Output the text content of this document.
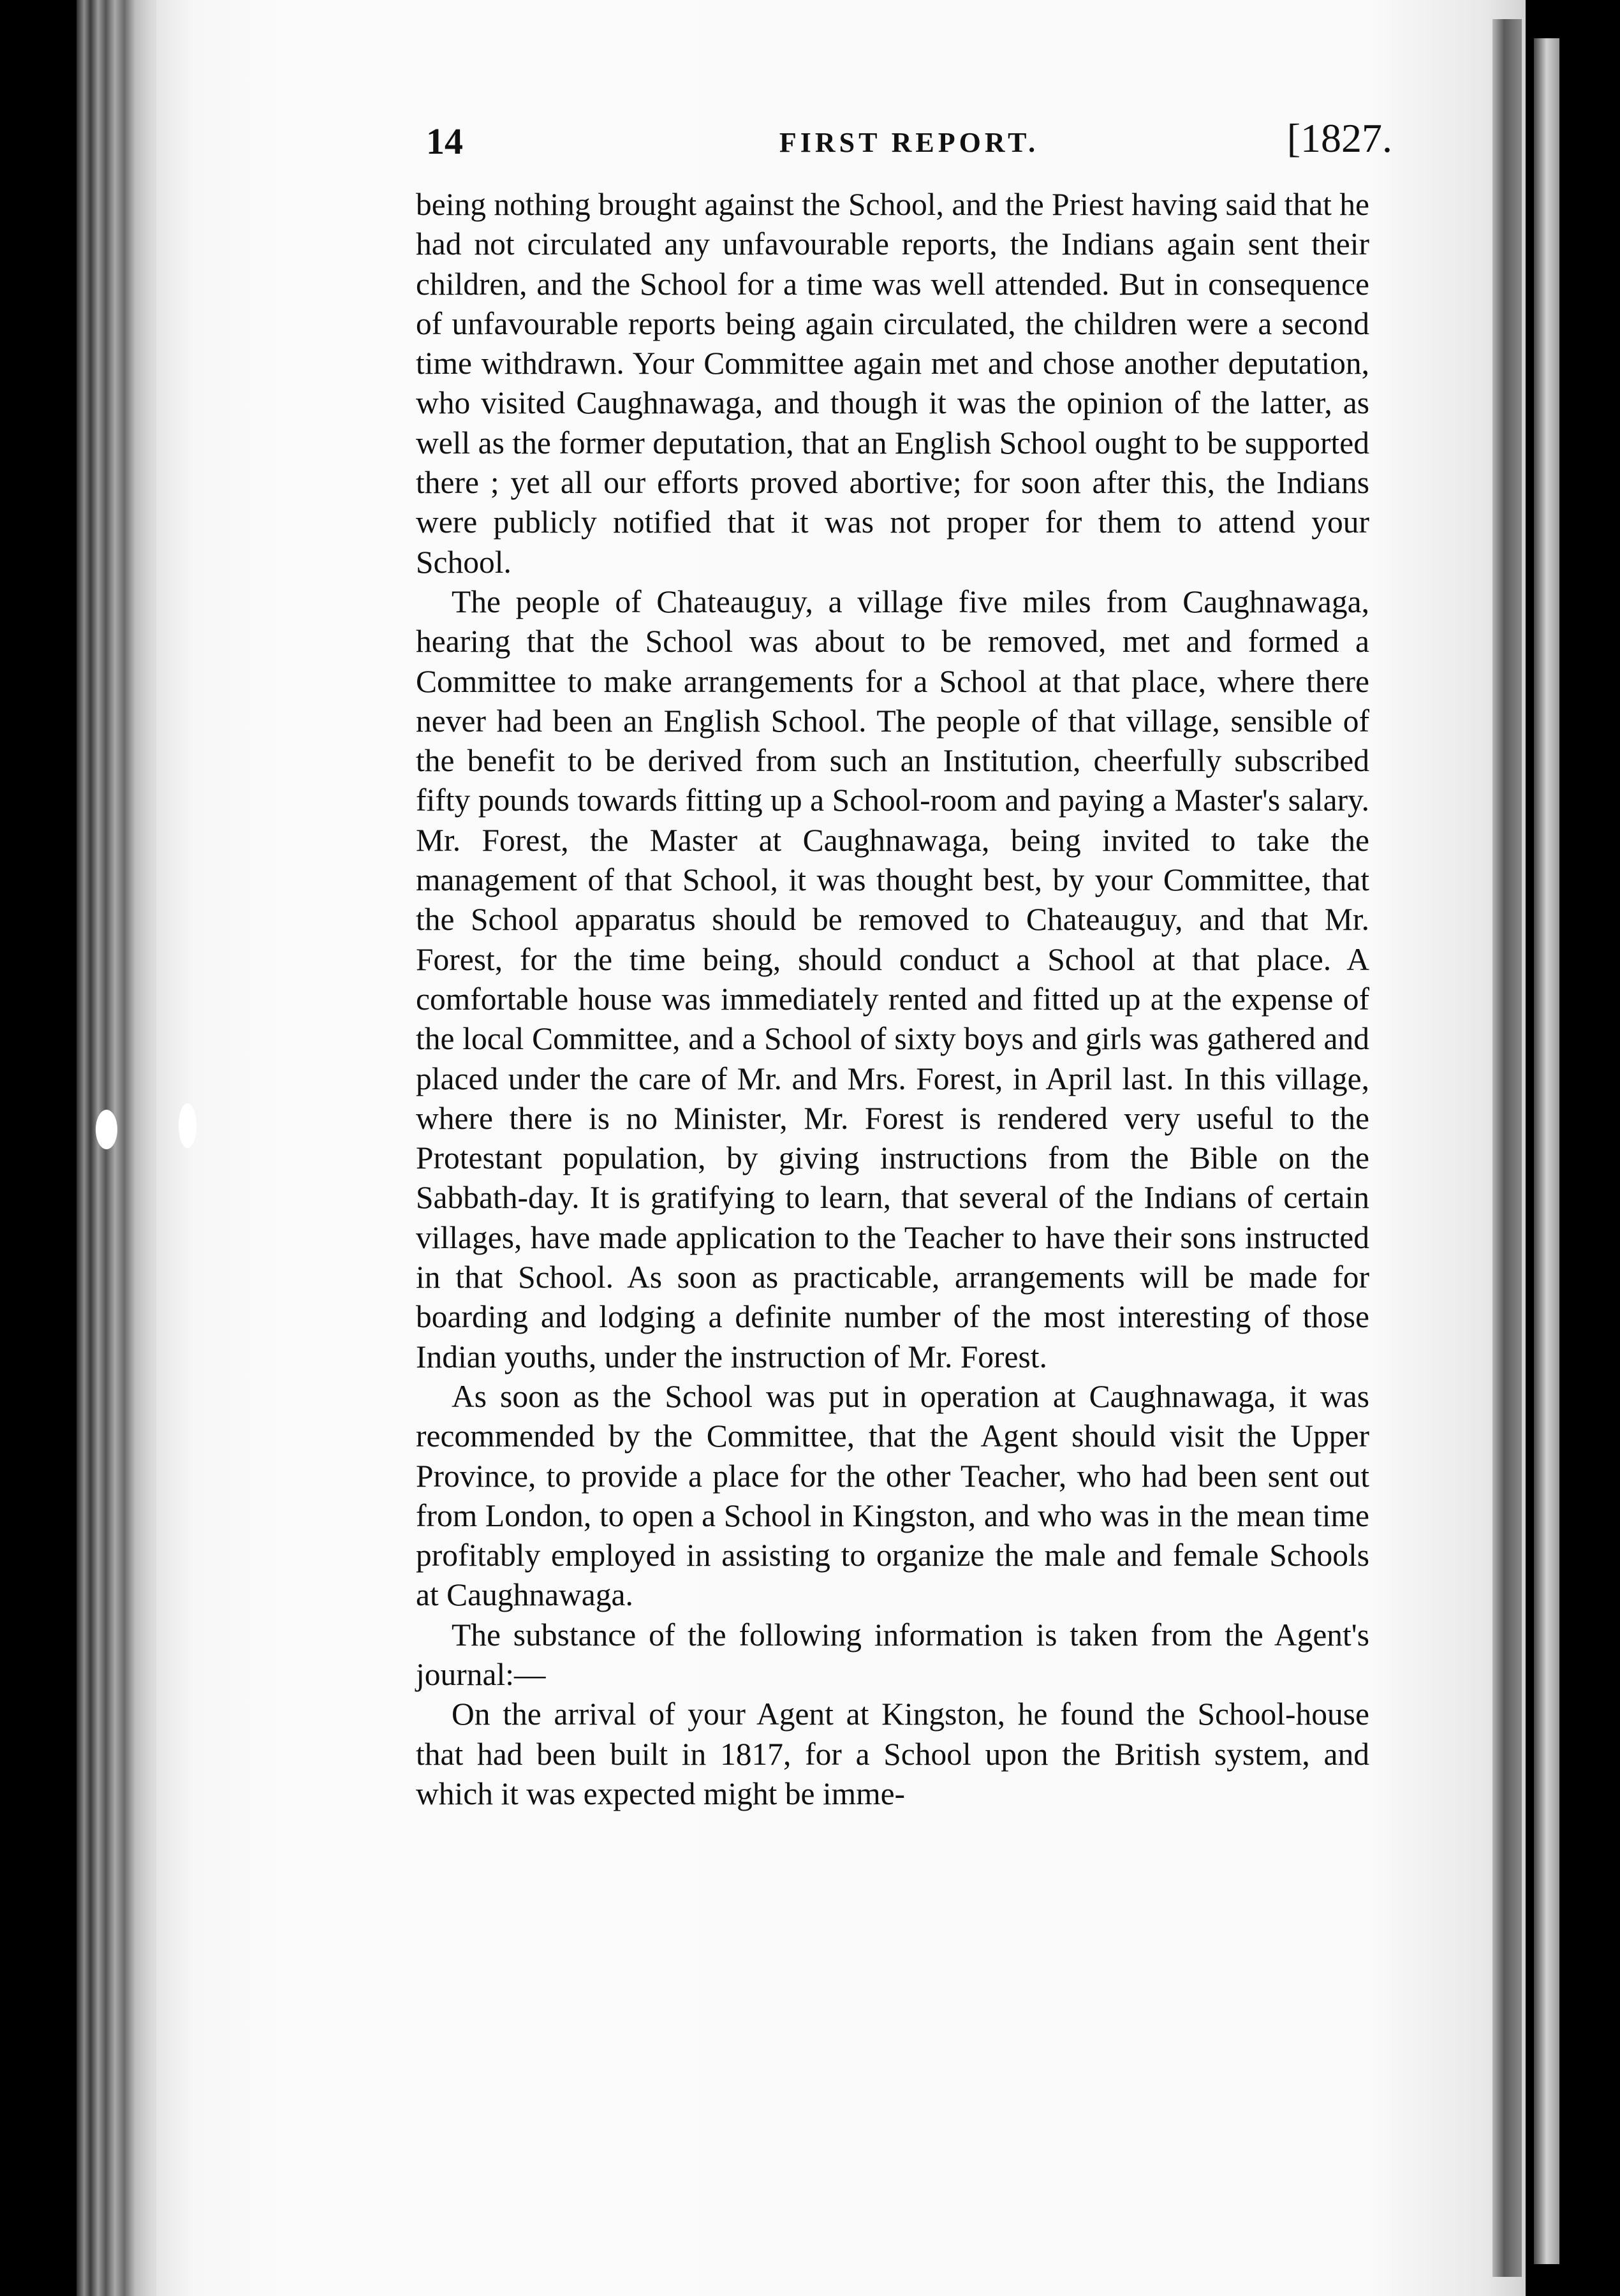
14	FIRST REPORT.	[1827.

being nothing brought against the School, and the Priest having said that he had not circulated any unfavourable reports, the Indians again sent their children, and the School for a time was well attended. But in consequence of unfavourable reports being again circulated, the children were a second time withdrawn. Your Committee again met and chose another deputation, who visited Caughnawaga, and though it was the opinion of the latter, as well as the former deputation, that an English School ought to be supported there ; yet all our efforts proved abortive; for soon after this, the Indians were publicly notified that it was not proper for them to attend your School.

The people of Chateauguy, a village five miles from Caughnawaga, hearing that the School was about to be removed, met and formed a Committee to make arrangements for a School at that place, where there never had been an English School. The people of that village, sensible of the benefit to be derived from such an Institution, cheerfully subscribed fifty pounds towards fitting up a School-room and paying a Master's salary. Mr. Forest, the Master at Caughnawaga, being invited to take the management of that School, it was thought best, by your Committee, that the School apparatus should be removed to Chateauguy, and that Mr. Forest, for the time being, should conduct a School at that place. A comfortable house was immediately rented and fitted up at the expense of the local Committee, and a School of sixty boys and girls was gathered and placed under the care of Mr. and Mrs. Forest, in April last. In this village, where there is no Minister, Mr. Forest is rendered very useful to the Protestant population, by giving instructions from the Bible on the Sabbath-day. It is gratifying to learn, that several of the Indians of certain villages, have made application to the Teacher to have their sons instructed in that School. As soon as practicable, arrangements will be made for boarding and lodging a definite number of the most interesting of those Indian youths, under the instruction of Mr. Forest.

As soon as the School was put in operation at Caughnawaga, it was recommended by the Committee, that the Agent should visit the Upper Province, to provide a place for the other Teacher, who had been sent out from London, to open a School in Kingston, and who was in the mean time profitably employed in assisting to organize the male and female Schools at Caughnawaga.

The substance of the following information is taken from the Agent's journal:—

On the arrival of your Agent at Kingston, he found the School-house that had been built in 1817, for a School upon the British system, and which it was expected might be imme-
